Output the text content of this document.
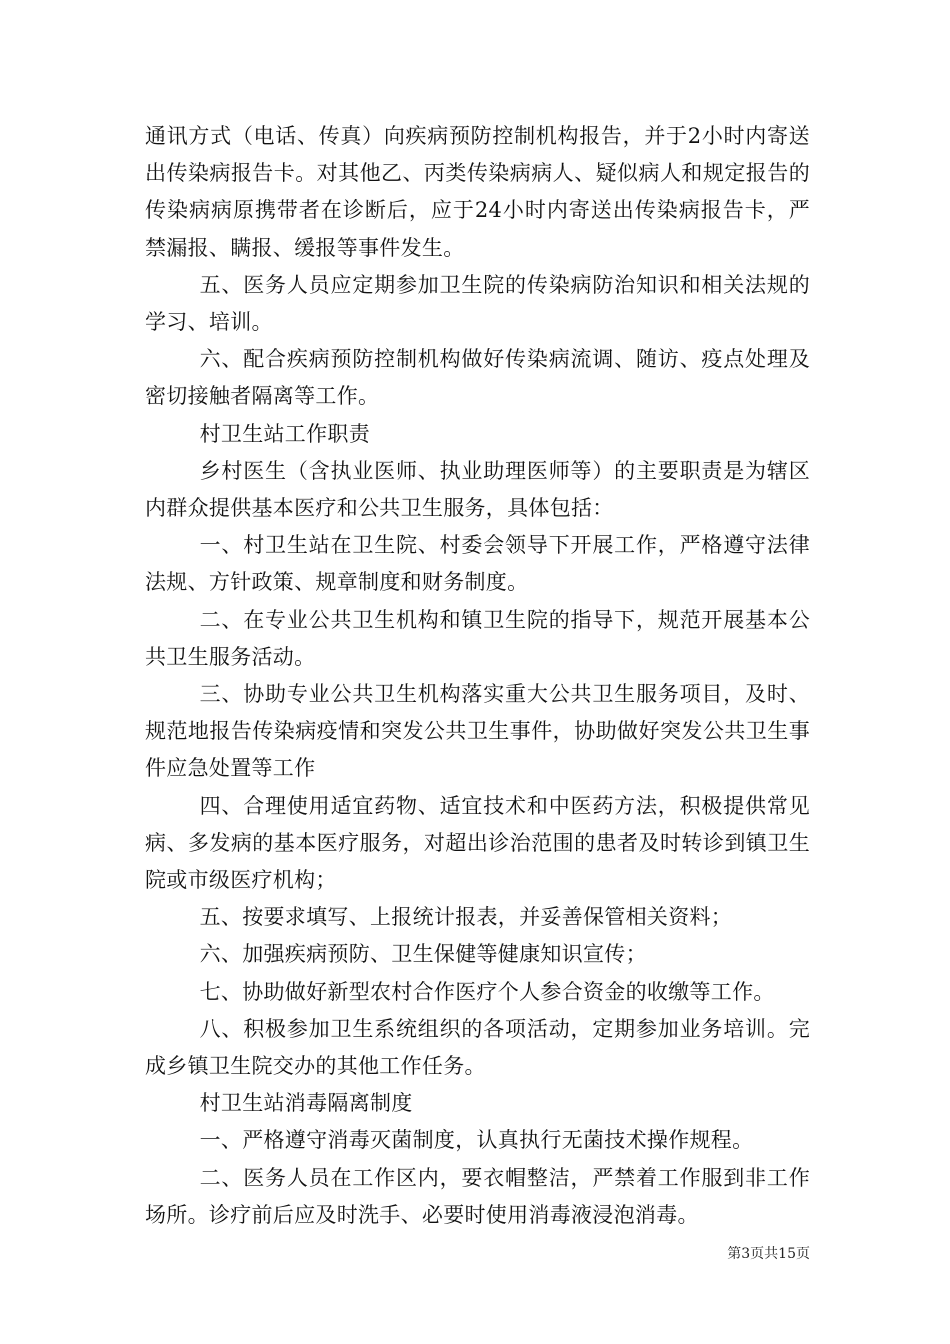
通讯方式（电话、传真）向疾病预防控制机构报告，并于2小时内寄送出传染病报告卡。对其他乙、丙类传染病病人、疑似病人和规定报告的传染病病原携带者在诊断后，应于24小时内寄送出传染病报告卡，严禁漏报、瞒报、缓报等事件发生。

五、医务人员应定期参加卫生院的传染病防治知识和相关法规的学习、培训。

六、配合疾病预防控制机构做好传染病流调、随访、疫点处理及密切接触者隔离等工作。

村卫生站工作职责

乡村医生（含执业医师、执业助理医师等）的主要职责是为辖区内群众提供基本医疗和公共卫生服务，具体包括：

一、村卫生站在卫生院、村委会领导下开展工作，严格遵守法律法规、方针政策、规章制度和财务制度。

二、在专业公共卫生机构和镇卫生院的指导下，规范开展基本公共卫生服务活动。

三、协助专业公共卫生机构落实重大公共卫生服务项目，及时、规范地报告传染病疫情和突发公共卫生事件，协助做好突发公共卫生事件应急处置等工作

四、合理使用适宜药物、适宜技术和中医药方法，积极提供常见病、多发病的基本医疗服务，对超出诊治范围的患者及时转诊到镇卫生院或市级医疗机构；

五、按要求填写、上报统计报表，并妥善保管相关资料；

六、加强疾病预防、卫生保健等健康知识宣传；

七、协助做好新型农村合作医疗个人参合资金的收缴等工作。

八、积极参加卫生系统组织的各项活动，定期参加业务培训。完成乡镇卫生院交办的其他工作任务。

村卫生站消毒隔离制度

一、严格遵守消毒灭菌制度，认真执行无菌技术操作规程。

二、医务人员在工作区内，要衣帽整洁，严禁着工作服到非工作场所。诊疗前后应及时洗手、必要时使用消毒液浸泡消毒。

第3页共15页
